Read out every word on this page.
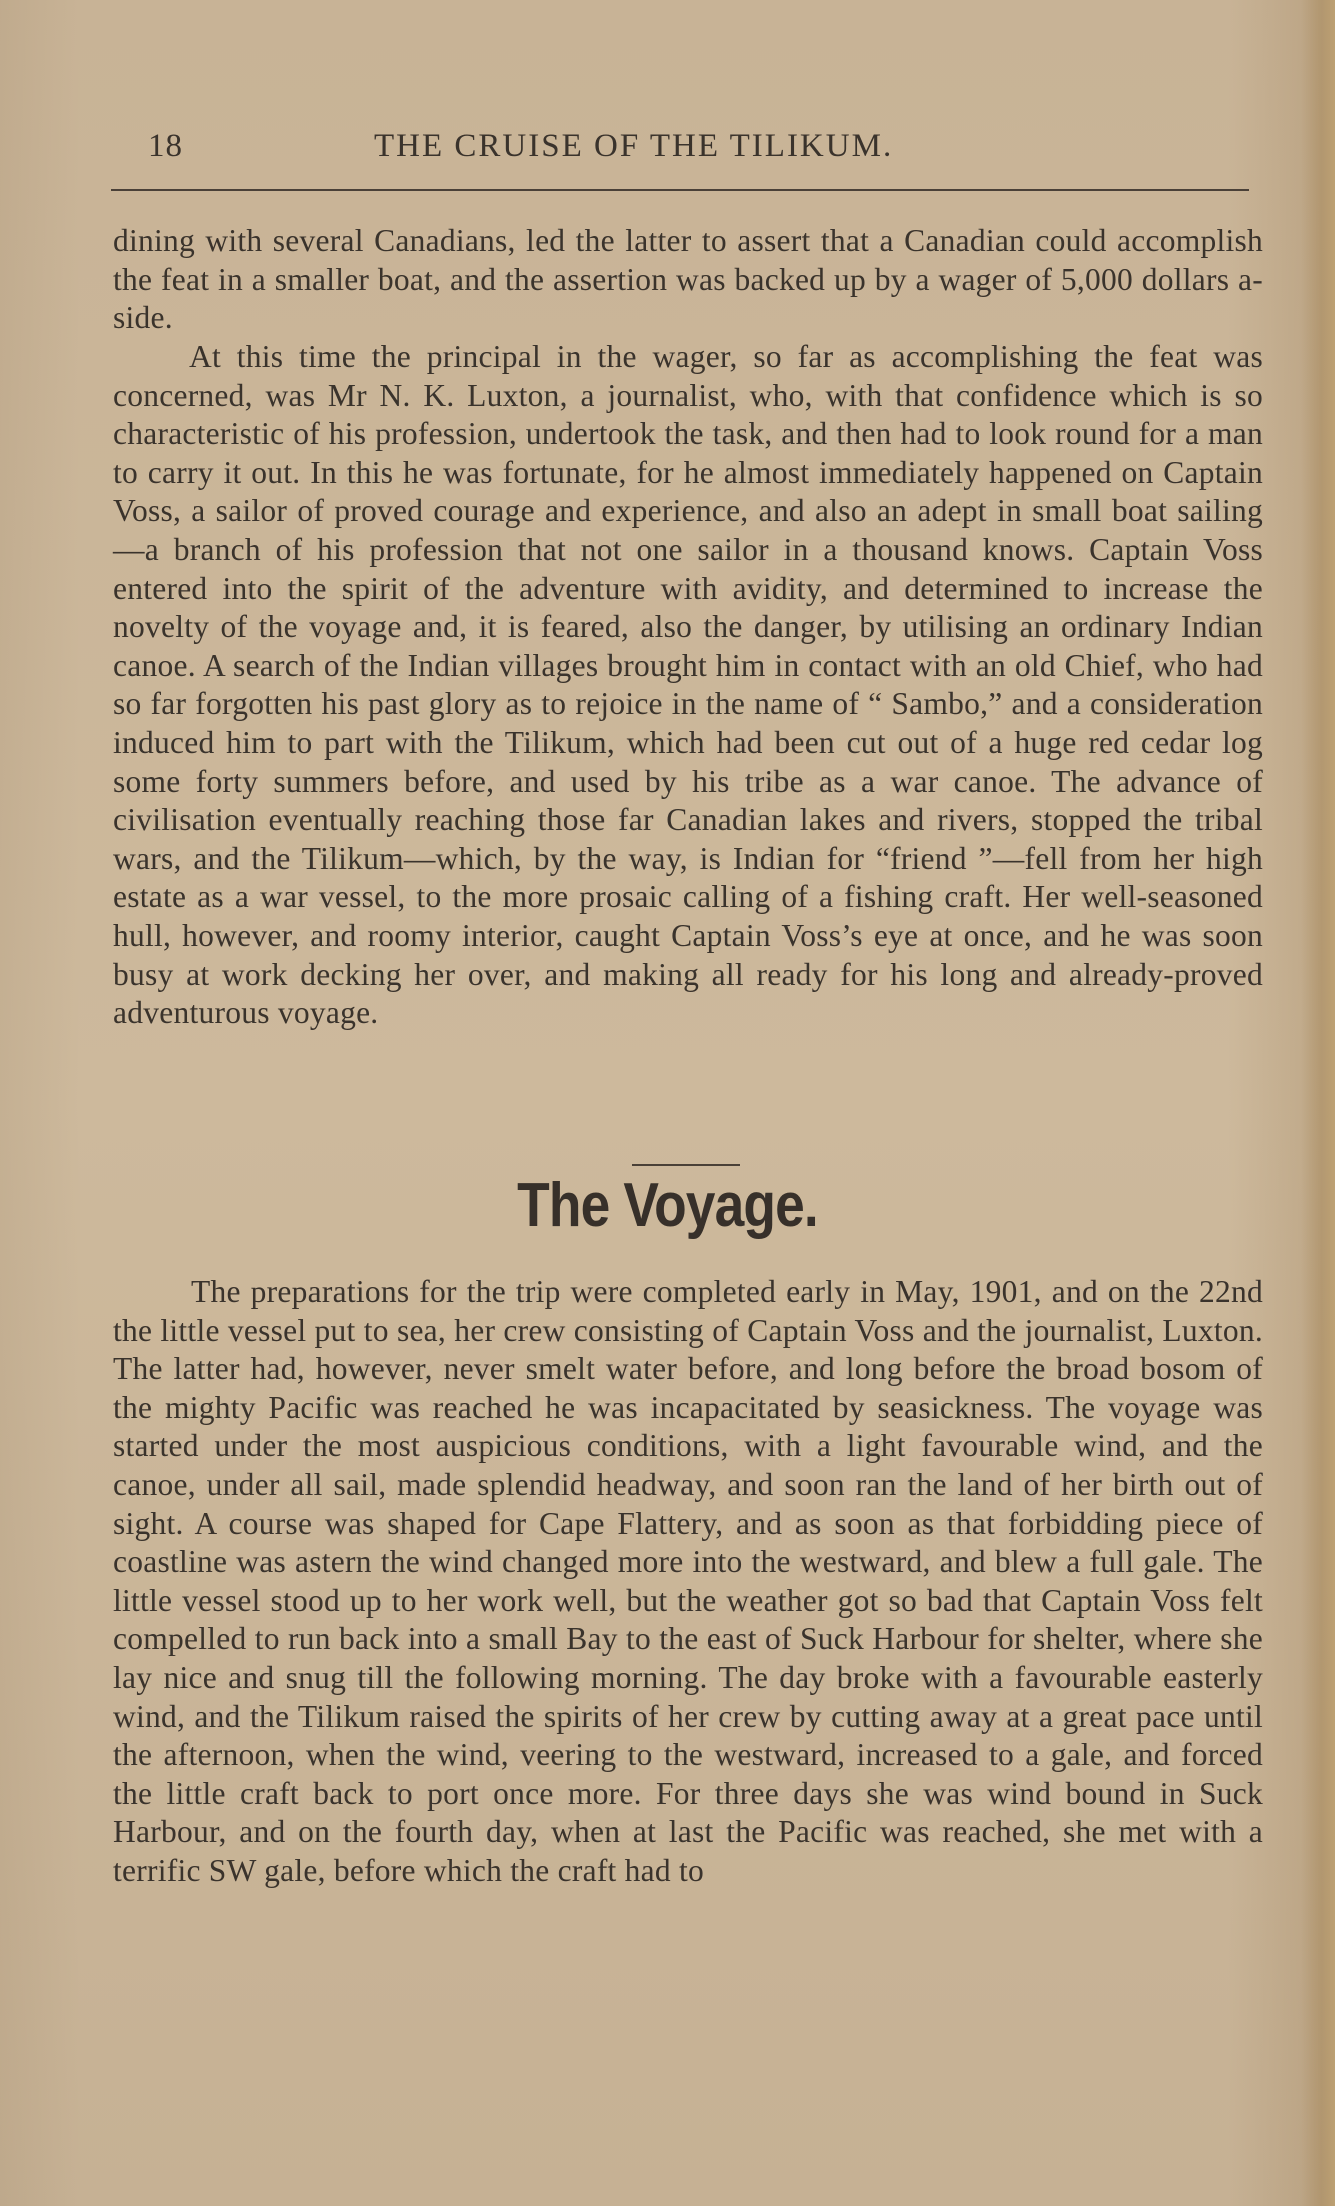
18	THE CRUISE OF THE TILIKUM.

dining with several Canadians, led the latter to assert that a Canadian could accomplish the feat in a smaller boat, and the assertion was backed up by a wager of 5,000 dollars a-side.

At this time the principal in the wager, so far as accomplishing the feat was concerned, was Mr N. K. Luxton, a journalist, who, with that confidence which is so characteristic of his profession, undertook the task, and then had to look round for a man to carry it out. In this he was fortunate, for he almost immediately happened on Captain Voss, a sailor of proved courage and experience, and also an adept in small boat sailing —a branch of his profession that not one sailor in a thousand knows. Captain Voss entered into the spirit of the adventure with avidity, and determined to increase the novelty of the voyage and, it is feared, also the danger, by utilising an ordinary Indian canoe. A search of the Indian villages brought him in contact with an old Chief, who had so far forgotten his past glory as to rejoice in the name of “ Sambo,” and a consideration induced him to part with the Tilikum, which had been cut out of a huge red cedar log some forty summers before, and used by his tribe as a war canoe. The advance of civilisation eventually reaching those far Canadian lakes and rivers, stopped the tribal wars, and the Tilikum—which, by the way, is Indian for “friend ”—fell from her high estate as a war vessel, to the more prosaic calling of a fishing craft. Her well-seasoned hull, however, and roomy interior, caught Captain Voss’s eye at once, and he was soon busy at work decking her over, and making all ready for his long and already-proved adventurous voyage.

The Voyage.

The preparations for the trip were completed early in May, 1901, and on the 22nd the little vessel put to sea, her crew consisting of Captain Voss and the journalist, Luxton. The latter had, however, never smelt water before, and long before the broad bosom of the mighty Pacific was reached he was incapacitated by seasickness. The voyage was started under the most auspicious conditions, with a light favourable wind, and the canoe, under all sail, made splendid headway, and soon ran the land of her birth out of sight. A course was shaped for Cape Flattery, and as soon as that forbidding piece of coastline was astern the wind changed more into the westward, and blew a full gale. The little vessel stood up to her work well, but the weather got so bad that Captain Voss felt compelled to run back into a small Bay to the east of Suck Harbour for shelter, where she lay nice and snug till the following morning. The day broke with a favourable easterly wind, and the Tilikum raised the spirits of her crew by cutting away at a great pace until the afternoon, when the wind, veering to the westward, increased to a gale, and forced the little craft back to port once more. For three days she was wind bound in Suck Harbour, and on the fourth day, when at last the Pacific was reached, she met with a terrific SW gale, before which the craft had to
